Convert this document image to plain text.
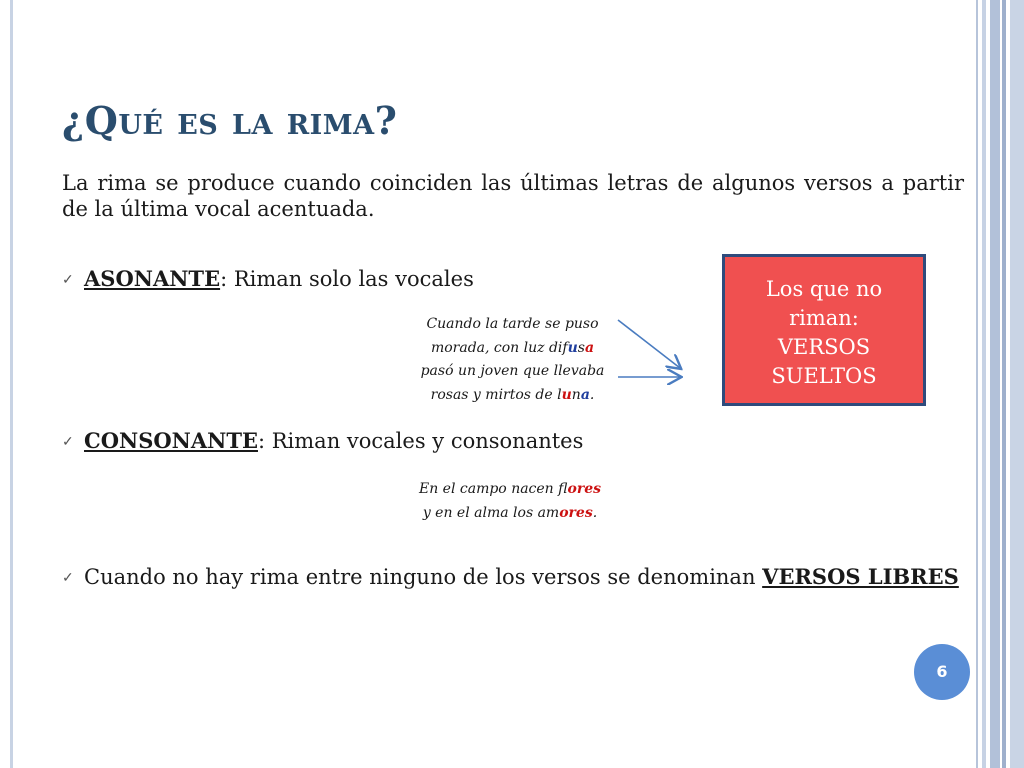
¿Qué es la rima?
La rima se produce cuando coinciden las últimas letras de algunos versos a partir de la última vocal acentuada.
✓ ASONANTE: Riman solo las vocales
Cuando la tarde se puso
morada, con luz difusa
pasó un joven que llevaba
rosas y mirtos de luna.
Los que no
riman:
VERSOS
SUELTOS
✓ CONSONANTE: Riman vocales y consonantes
En el campo nacen flores
y en el alma los amores.
✓ Cuando no hay rima entre ninguno de los versos se denominan VERSOS LIBRES
6
